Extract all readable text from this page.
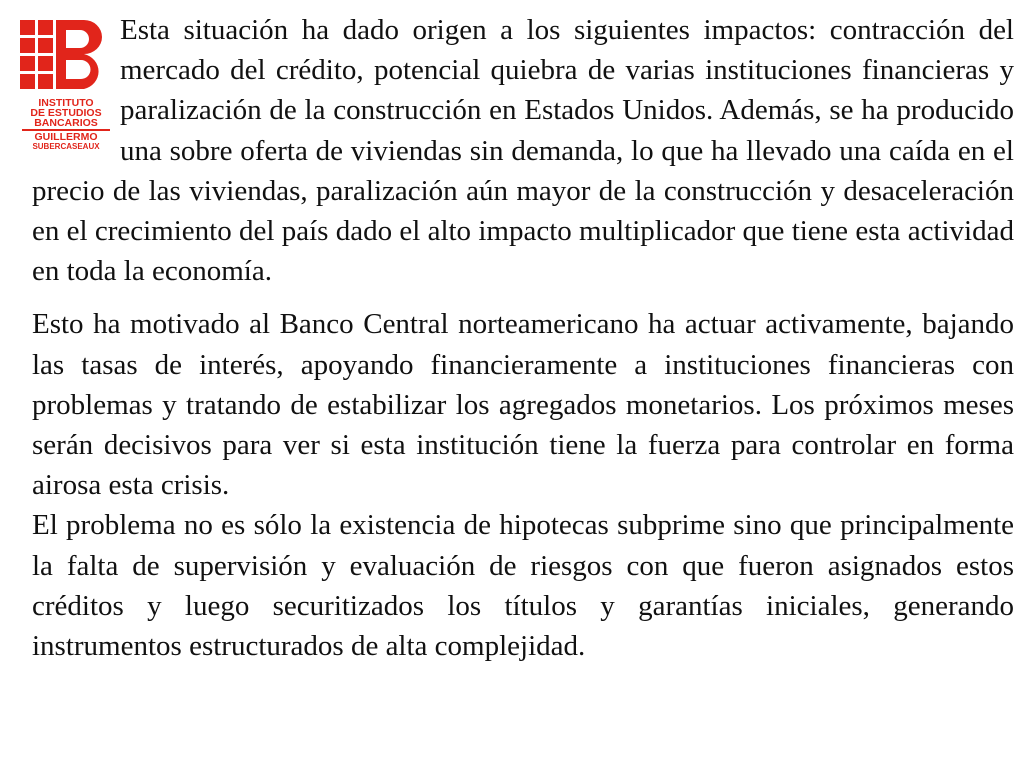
INSTITUTO
DE ESTUDIOS
BANCARIOS
GUILLERMO
SUBERCASEAUX

Esta situación ha dado origen a los siguientes impactos: contracción del mercado del crédito, potencial quiebra de varias instituciones financieras y paralización de la construcción en Estados Unidos. Además, se ha producido una sobre oferta de viviendas sin demanda, lo que ha llevado una caída en el precio de las viviendas, paralización aún mayor de la construcción y desaceleración en el crecimiento del país dado el alto impacto multiplicador que tiene esta actividad en toda la economía.

Esto ha motivado al Banco Central norteamericano ha actuar activamente, bajando las tasas de interés, apoyando financieramente a instituciones financieras con problemas y tratando de estabilizar los agregados monetarios. Los próximos meses serán decisivos para ver si esta institución tiene la fuerza para controlar en forma airosa esta crisis.

El problema no es sólo la existencia de hipotecas subprime sino que principalmente la falta de supervisión y evaluación de riesgos con que fueron asignados estos créditos y luego securitizados los títulos y garantías iniciales, generando instrumentos estructurados de alta complejidad.
